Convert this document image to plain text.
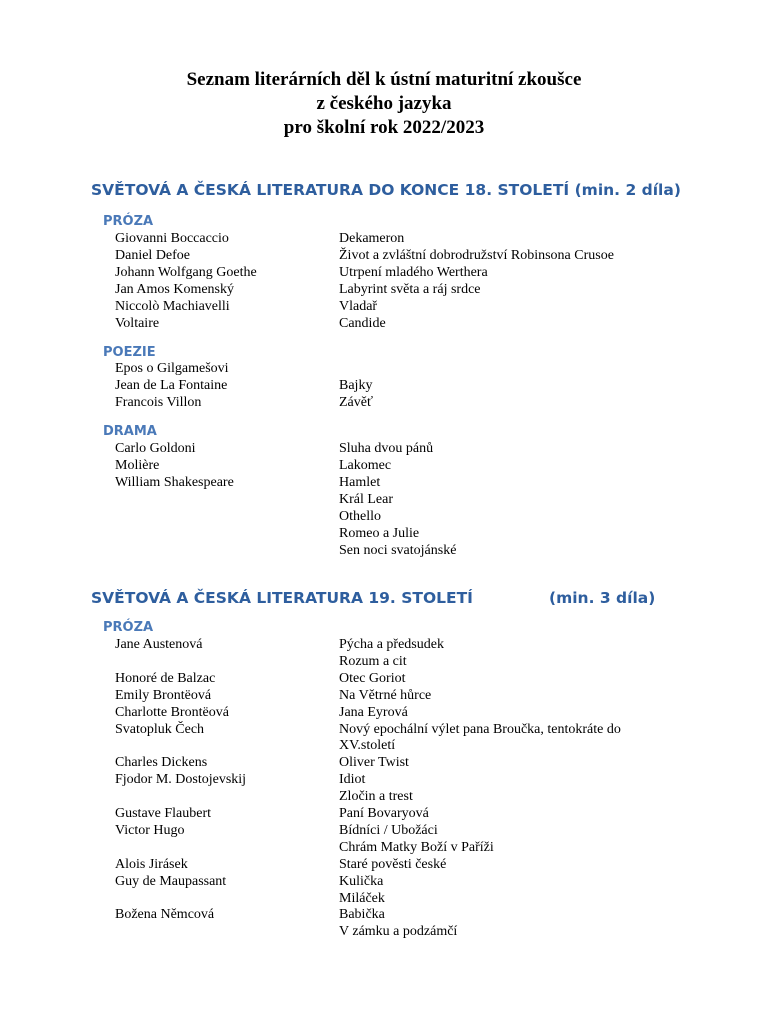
Seznam literárních děl k ústní maturitní zkoušce
z českého jazyka
pro školní rok 2022/2023
SVĚTOVÁ A ČESKÁ LITERATURA DO KONCE 18. STOLETÍ (min. 2 díla)
PRÓZA
Giovanni Boccaccio	Dekameron
Daniel Defoe	Život a zvláštní dobrodružství Robinsona Crusoe
Johann Wolfgang Goethe	Utrpení mladého Werthera
Jan Amos Komenský	Labyrint světa a ráj srdce
Niccolò Machiavelli	Vladař
Voltaire	Candide
POEZIE
Epos o Gilgamešovi
Jean de La Fontaine	Bajky
Francois Villon	Závěť
DRAMA
Carlo Goldoni	Sluha dvou pánů
Molière	Lakomec
William Shakespeare	Hamlet
Král Lear
Othello
Romeo a Julie
Sen noci svatojánské
SVĚTOVÁ A ČESKÁ LITERATURA 19. STOLETÍ	(min. 3 díla)
PRÓZA
Jane Austenová	Pýcha a předsudek
Rozum a cit
Honoré de Balzac	Otec Goriot
Emily Brontëová	Na Větrné hůrce
Charlotte Brontëová	Jana Eyrová
Svatopluk Čech	Nový epochální výlet pana Broučka, tentokráte do
XV.století
Charles Dickens	Oliver Twist
Fjodor M. Dostojevskij	Idiot
Zločin a trest
Gustave Flaubert	Paní Bovaryová
Victor Hugo	Bídníci / Ubožáci
Chrám Matky Boží v Paříži
Alois Jirásek	Staré pověsti české
Guy de Maupassant	Kulička
Miláček
Božena Němcová	Babička
V zámku a podzámčí
